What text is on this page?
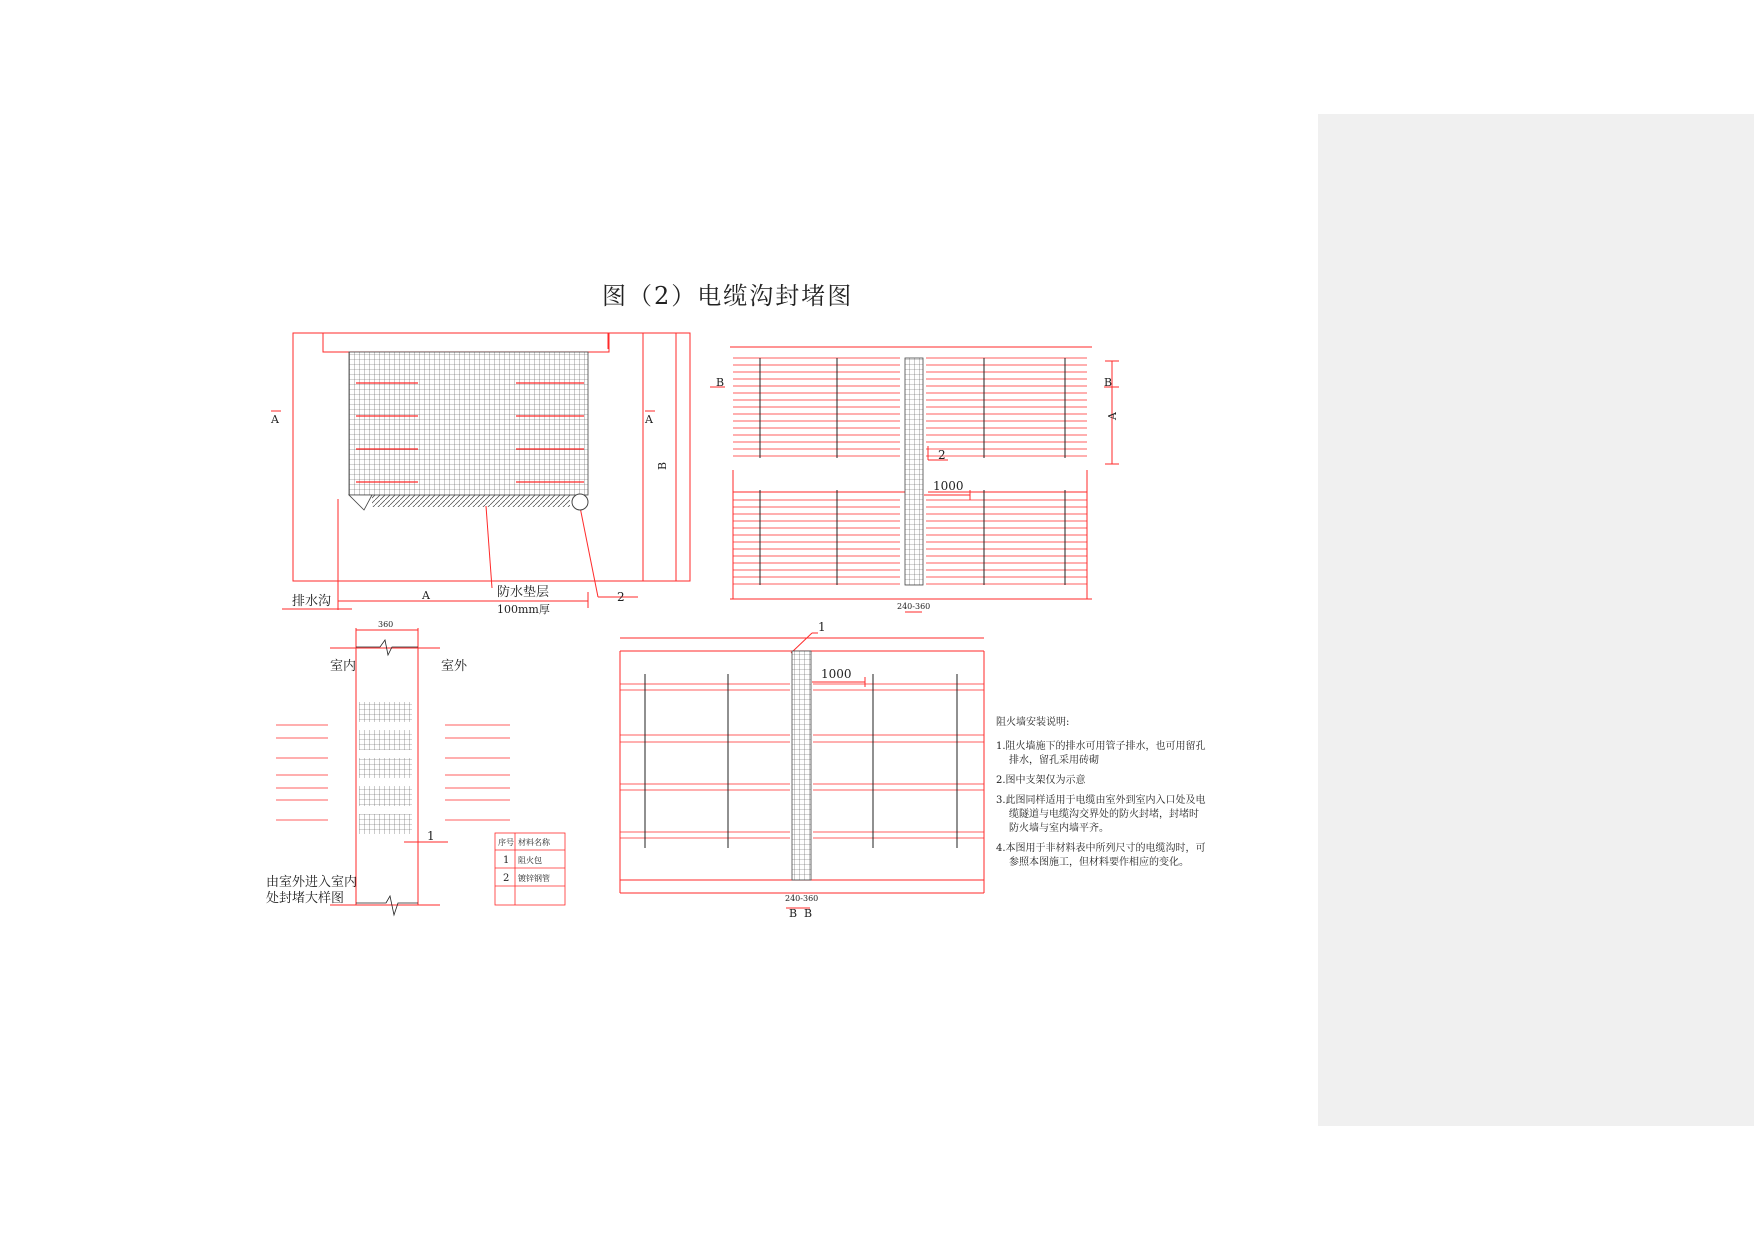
图（2）电缆沟封堵图
A	A
B
A
排水沟
防水垫层
100mm厚
2
B	B
A
2
1000
240-360
360
室内	室外
1
由室外进入室内
处封堵大样图
序号 材料名称
1 阻火包
2 镀锌钢管
1
1000
240-360
B B
阻火墙安装说明:
1.阻火墙施下的排水可用管子排水，也可用留孔排水，留孔采用砖砌
2.图中支架仅为示意
3.此图同样适用于电缆由室外到室内入口处及电缆隧道与电缆沟交界处的防火封堵，封堵时防火墙与室内墙平齐。
4.本图用于非材料表中所列尺寸的电缆沟时，可参照本图施工，但材料要作相应的变化。
